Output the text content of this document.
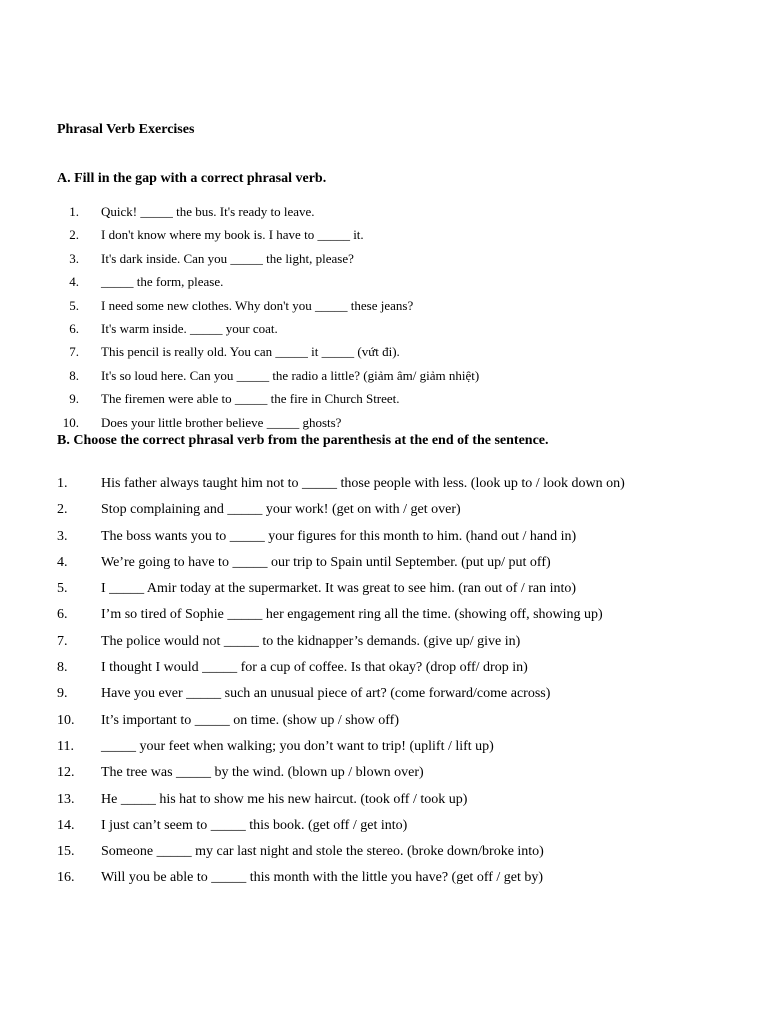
Phrasal Verb Exercises
A. Fill in the gap with a correct phrasal verb.
1. Quick! _____ the bus. It's ready to leave.
2. I don't know where my book is. I have to _____ it.
3. It's dark inside. Can you _____ the light, please?
4. _____ the form, please.
5. I need some new clothes. Why don't you _____ these jeans?
6. It's warm inside. _____ your coat.
7. This pencil is really old. You can _____ it _____ (vứt đi).
8. It's so loud here. Can you _____ the radio a little? (giảm âm/ giảm nhiệt)
9. The firemen were able to _____ the fire in Church Street.
10. Does your little brother believe _____ ghosts?
B. Choose the correct phrasal verb from the parenthesis at the end of the sentence.
1.	His father always taught him not to _____ those people with less. (look up to / look down on)
2.	Stop complaining and _____ your work! (get on with / get over)
3.	The boss wants you to _____ your figures for this month to him. (hand out / hand in)
4.	We’re going to have to _____ our trip to Spain until September. (put up/ put off)
5.	I _____ Amir today at the supermarket. It was great to see him. (ran out of / ran into)
6.	I’m so tired of Sophie _____ her engagement ring all the time. (showing off, showing up)
7.	The police would not _____ to the kidnapper’s demands. (give up/ give in)
8.	I thought I would _____ for a cup of coffee. Is that okay? (drop off/ drop in)
9.	Have you ever _____ such an unusual piece of art? (come forward/come across)
10.	It’s important to _____ on time. (show up / show off)
11.	_____ your feet when walking; you don’t want to trip! (uplift / lift up)
12.	The tree was _____ by the wind. (blown up / blown over)
13.	He _____ his hat to show me his new haircut. (took off / took up)
14.	I just can’t seem to _____ this book. (get off / get into)
15.	Someone _____ my car last night and stole the stereo. (broke down/broke into)
16.	Will you be able to _____ this month with the little you have? (get off / get by)
